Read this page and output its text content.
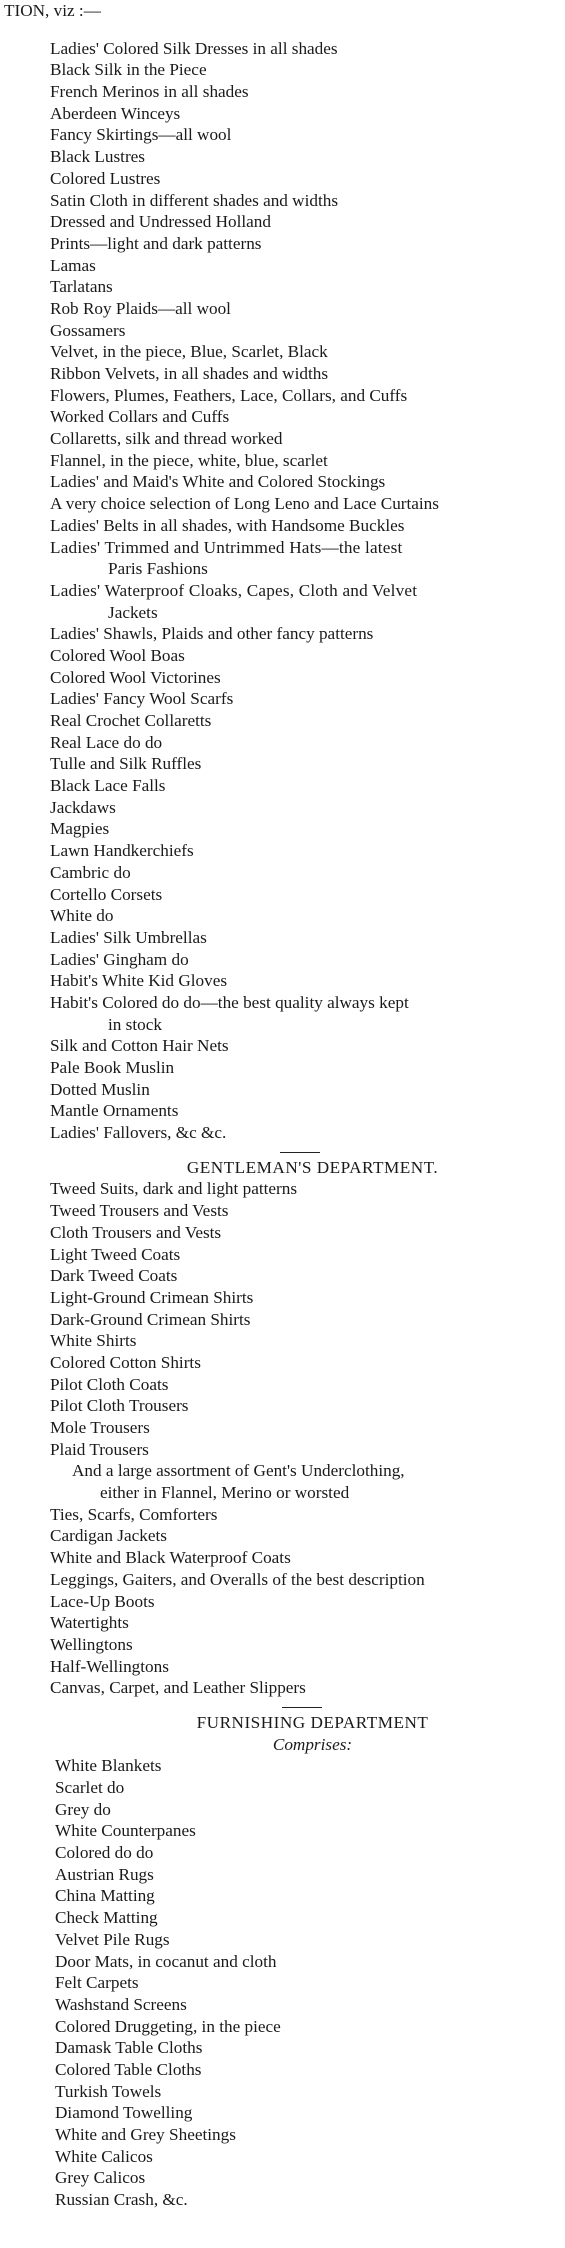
TION, viz :—
Ladies' Colored Silk Dresses in all shades
Black Silk in the Piece
French Merinos in all shades
Aberdeen Winceys
Fancy Skirtings—all wool
Black Lustres
Colored Lustres
Satin Cloth in different shades and widths
Dressed and Undressed Holland
Prints—light and dark patterns
Lamas
Tarlatans
Rob Roy Plaids—all wool
Gossamers
Velvet, in the piece, Blue, Scarlet, Black
Ribbon Velvets, in all shades and widths
Flowers, Plumes, Feathers, Lace, Collars, and Cuffs
Worked Collars and Cuffs
Collaretts, silk and thread worked
Flannel, in the piece, white, blue, scarlet
Ladies' and Maid's White and Colored Stockings
A very choice selection of Long Leno and Lace Curtains
Ladies' Belts in all shades, with Handsome Buckles
Ladies' Trimmed and Untrimmed Hats—the latest
Paris Fashions
Ladies' Waterproof Cloaks, Capes, Cloth and Velvet
Jackets
Ladies' Shawls, Plaids and other fancy patterns
Colored Wool Boas
Colored Wool Victorines
Ladies' Fancy Wool Scarfs
Real Crochet Collaretts
Real Lace do do
Tulle and Silk Ruffles
Black Lace Falls
Jackdaws
Magpies
Lawn Handkerchiefs
Cambric do
Cortello Corsets
White do
Ladies' Silk Umbrellas
Ladies' Gingham do
Habit's White Kid Gloves
Habit's Colored do do—the best quality always kept
in stock
Silk and Cotton Hair Nets
Pale Book Muslin
Dotted Muslin
Mantle Ornaments
Ladies' Fallovers, &c &c.
GENTLEMAN'S DEPARTMENT.
Tweed Suits, dark and light patterns
Tweed Trousers and Vests
Cloth Trousers and Vests
Light Tweed Coats
Dark Tweed Coats
Light-Ground Crimean Shirts
Dark-Ground Crimean Shirts
White Shirts
Colored Cotton Shirts
Pilot Cloth Coats
Pilot Cloth Trousers
Mole Trousers
Plaid Trousers
And a large assortment of Gent's Underclothing,
either in Flannel, Merino or worsted
Ties, Scarfs, Comforters
Cardigan Jackets
White and Black Waterproof Coats
Leggings, Gaiters, and Overalls of the best description
Lace-Up Boots
Watertights
Wellingtons
Half-Wellingtons
Canvas, Carpet, and Leather Slippers
FURNISHING DEPARTMENT
Comprises:
White Blankets
Scarlet do
Grey do
White Counterpanes
Colored do do
Austrian Rugs
China Matting
Check Matting
Velvet Pile Rugs
Door Mats, in cocanut and cloth
Felt Carpets
Washstand Screens
Colored Druggeting, in the piece
Damask Table Cloths
Colored Table Cloths
Turkish Towels
Diamond Towelling
White and Grey Sheetings
White Calicos
Grey Calicos
Russian Crash, &c.
